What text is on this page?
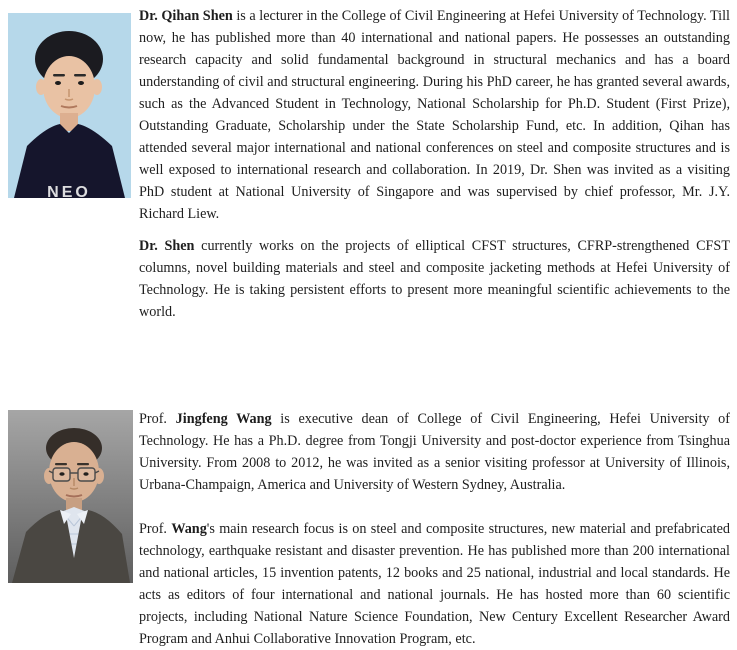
NEO

Dr. Qihan Shen is a lecturer in the College of Civil Engineering at Hefei University of Technology. Till now, he has published more than 40 international and national papers. He possesses an outstanding research capacity and solid fundamental background in structural mechanics and has a board understanding of civil and structural engineering. During his PhD career, he has granted several awards, such as the Advanced Student in Technology, National Scholarship for Ph.D. Student (First Prize), Outstanding Graduate, Scholarship under the State Scholarship Fund, etc. In addition, Qihan has attended several major international and national conferences on steel and composite structures and is well exposed to international research and collaboration. In 2019, Dr. Shen was invited as a visiting PhD student at National University of Singapore and was supervised by chief professor, Mr. J.Y. Richard Liew.

Dr. Shen currently works on the projects of elliptical CFST structures, CFRP-strengthened CFST columns, novel building materials and steel and composite jacketing methods at Hefei University of Technology. He is taking persistent efforts to present more meaningful scientific achievements to the world.

Prof. Jingfeng Wang is executive dean of College of Civil Engineering, Hefei University of Technology. He has a Ph.D. degree from Tongji University and post-doctor experience from Tsinghua University. From 2008 to 2012, he was invited as a senior visiting professor at University of Illinois, Urbana-Champaign, America and University of Western Sydney, Australia.

Prof. Wang's main research focus is on steel and composite structures, new material and prefabricated technology, earthquake resistant and disaster prevention. He has published more than 200 international and national articles, 15 invention patents, 12 books and 25 national, industrial and local standards. He acts as editors of four international and national journals. He has hosted more than 60 scientific projects, including National Nature Science Foundation, New Century Excellent Researcher Award Program and Anhui Collaborative Innovation Program, etc.
